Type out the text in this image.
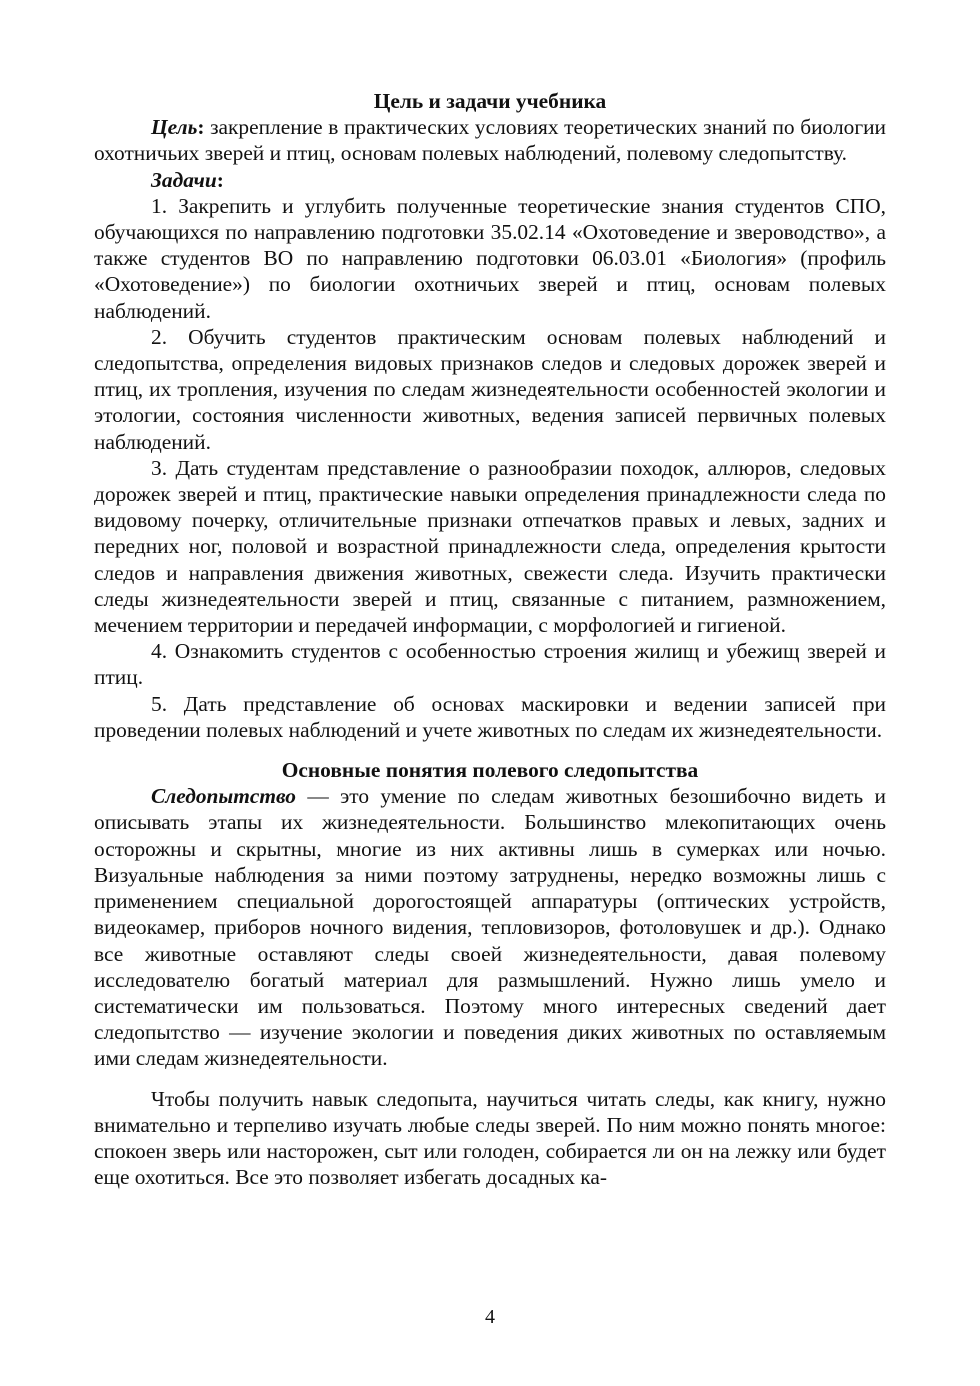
Цель и задачи учебника

Цель: закрепление в практических условиях теоретических знаний по биологии охотничьих зверей и птиц, основам полевых наблюдений, полевому следопытству.

Задачи:

1. Закрепить и углубить полученные теоретические знания студентов СПО, обучающихся по направлению подготовки 35.02.14 «Охотоведение и звероводство», а также студентов ВО по направлению подготовки 06.03.01 «Биология» (профиль «Охотоведение») по биологии охотничьих зверей и птиц, основам полевых наблюдений.

2. Обучить студентов практическим основам полевых наблюдений и следопытства, определения видовых признаков следов и следовых дорожек зверей и птиц, их тропления, изучения по следам жизнедеятельности особенностей экологии и этологии, состояния численности животных, ведения записей первичных полевых наблюдений.

3. Дать студентам представление о разнообразии походок, аллюров, следовых дорожек зверей и птиц, практические навыки определения принадлежности следа по видовому почерку, отличительные признаки отпечатков правых и левых, задних и передних ног, половой и возрастной принадлежности следа, определения крытости следов и направления движения животных, свежести следа. Изучить практически следы жизнедеятельности зверей и птиц, связанные с питанием, размножением, мечением территории и передачей информации, с морфологией и гигиеной.

4. Ознакомить студентов с особенностью строения жилищ и убежищ зверей и птиц.

5. Дать представление об основах маскировки и ведении записей при проведении полевых наблюдений и учете животных по следам их жизнедеятельности.

Основные понятия полевого следопытства

Следопытство — это умение по следам животных безошибочно видеть и описывать этапы их жизнедеятельности. Большинство млекопитающих очень осторожны и скрытны, многие из них активны лишь в сумерках или ночью. Визуальные наблюдения за ними поэтому затруднены, нередко возможны лишь с применением специальной дорогостоящей аппаратуры (оптических устройств, видеокамер, приборов ночного видения, тепловизоров, фотоловушек и др.). Однако все животные оставляют следы своей жизнедеятельности, давая полевому исследователю богатый материал для размышлений. Нужно лишь умело и систематически им пользоваться. Поэтому много интересных сведений дает следопытство — изучение экологии и поведения диких животных по оставляемым ими следам жизнедеятельности.

Чтобы получить навык следопыта, научиться читать следы, как книгу, нужно внимательно и терпеливо изучать любые следы зверей. По ним можно понять многое: спокоен зверь или насторожен, сыт или голоден, собирается ли он на лежку или будет еще охотиться. Все это позволяет избегать досадных ка-

4
